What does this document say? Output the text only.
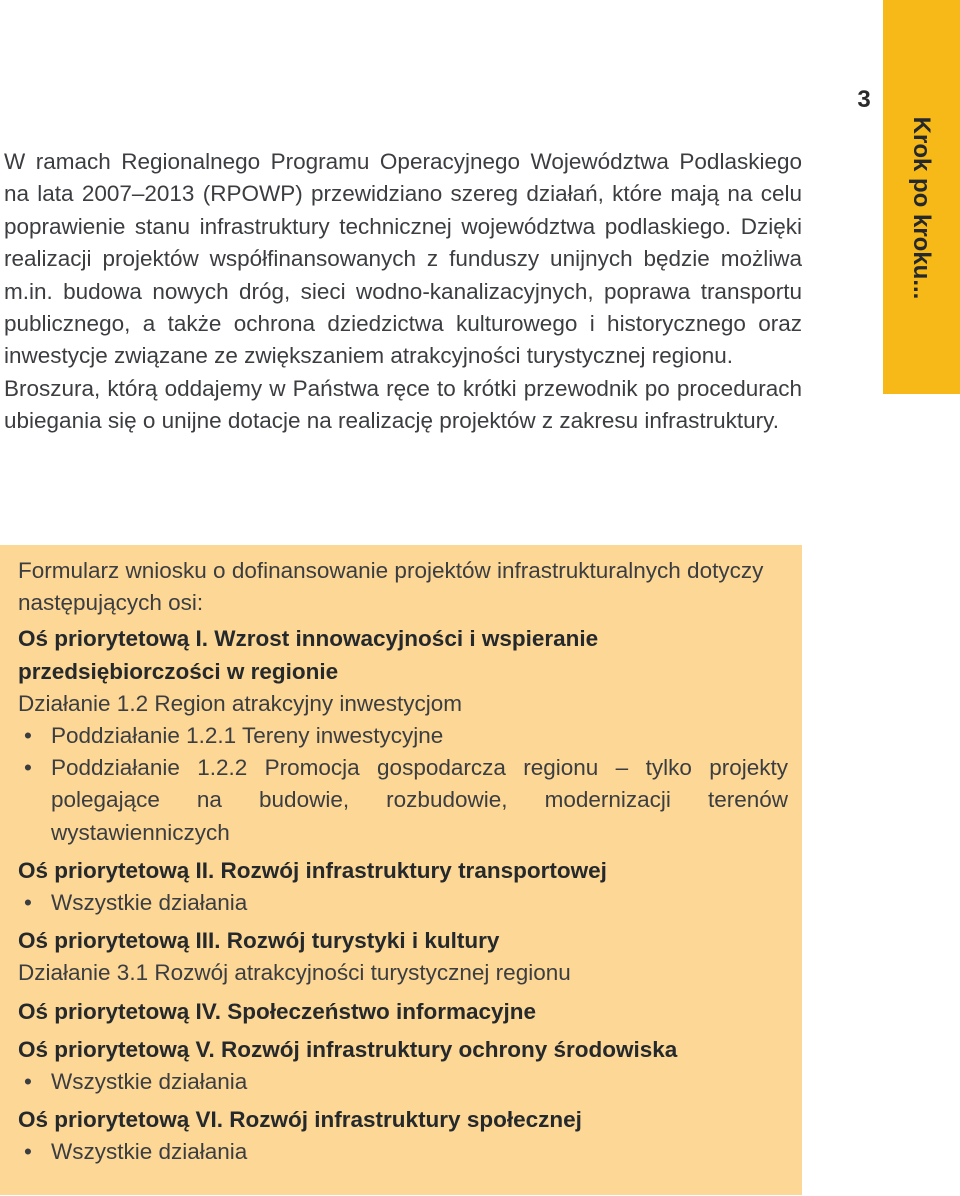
3
Krok po kroku...

W ramach Regionalnego Programu Operacyjnego Województwa Podlaskiego na lata 2007–2013 (RPOWP) przewidziano szereg działań, które mają na celu poprawienie stanu infrastruktury technicznej województwa podlaskiego. Dzięki realizacji projektów współfinansowanych z funduszy unijnych będzie możliwa m.in. budowa nowych dróg, sieci wodno-kanalizacyjnych, poprawa transportu publicznego, a także ochrona dziedzictwa kulturowego i historycznego oraz inwestycje związane ze zwiększaniem atrakcyjności turystycznej regionu.

Broszura, którą oddajemy w Państwa ręce to krótki przewodnik po procedurach ubiegania się o unijne dotacje na realizację projektów z zakresu infrastruktury.

Formularz wniosku o dofinansowanie projektów infrastrukturalnych dotyczy następujących osi:

Oś priorytetową I. Wzrost innowacyjności i wspieranie przedsiębiorczości w regionie

Działanie 1.2 Region atrakcyjny inwestycjom

• Poddziałanie 1.2.1 Tereny inwestycyjne
• Poddziałanie 1.2.2 Promocja gospodarcza regionu – tylko projekty polegające na budowie, rozbudowie, modernizacji terenów wystawienniczych

Oś priorytetową II. Rozwój infrastruktury transportowej

• Wszystkie działania

Oś priorytetową III. Rozwój turystyki i kultury

Działanie 3.1 Rozwój atrakcyjności turystycznej regionu

Oś priorytetową IV. Społeczeństwo informacyjne

Oś priorytetową V. Rozwój infrastruktury ochrony środowiska

• Wszystkie działania

Oś priorytetową VI. Rozwój infrastruktury społecznej

• Wszystkie działania
